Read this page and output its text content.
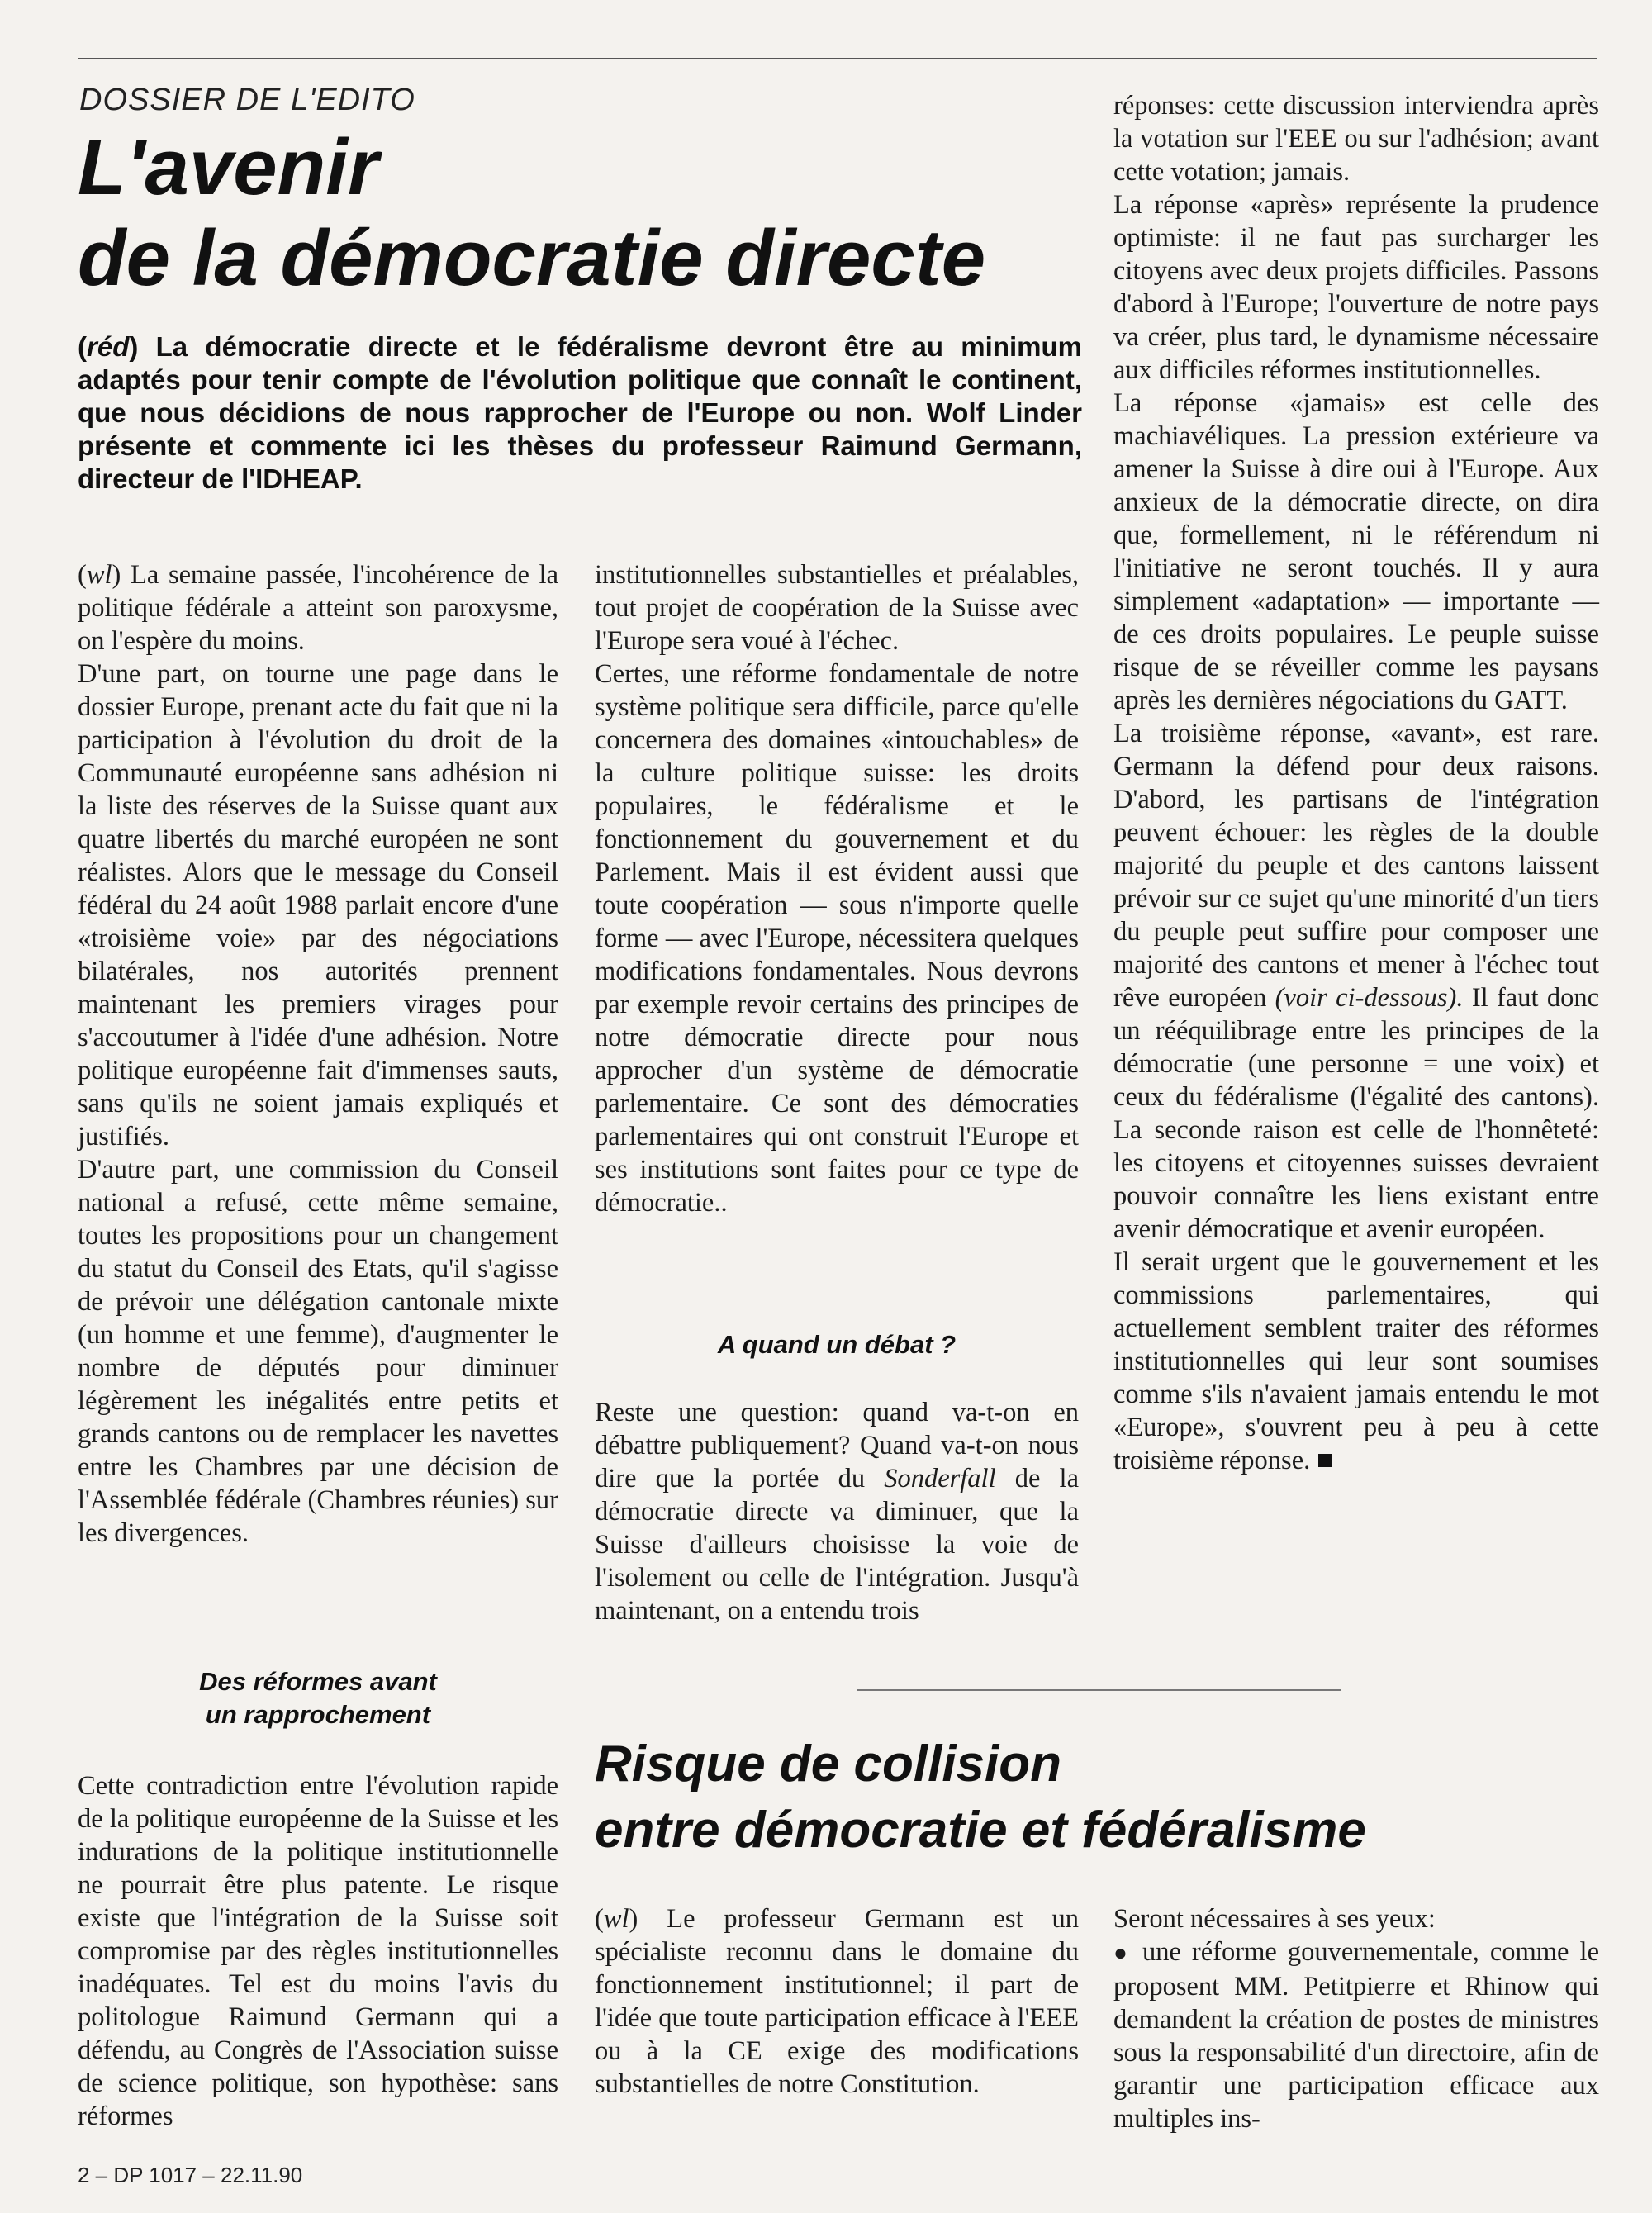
DOSSIER DE L'EDITO
L'avenir
de la démocratie directe
(réd) La démocratie directe et le fédéralisme devront être au minimum adaptés pour tenir compte de l'évolution politique que connaît le continent, que nous décidions de nous rapprocher de l'Europe ou non. Wolf Linder présente et commente ici les thèses du professeur Raimund Germann, directeur de l'IDHEAP.

(wl) La semaine passée, l'incohérence de la politique fédérale a atteint son paroxysme, on l'espère du moins.

D'une part, on tourne une page dans le dossier Europe, prenant acte du fait que ni la participation à l'évolution du droit de la Communauté européenne sans adhésion ni la liste des réserves de la Suisse quant aux quatre libertés du marché européen ne sont réalistes. Alors que le message du Conseil fédéral du 24 août 1988 parlait encore d'une «troisième voie» par des négociations bilatérales, nos autorités prennent maintenant les premiers virages pour s'accoutumer à l'idée d'une adhésion. Notre politique européenne fait d'immenses sauts, sans qu'ils ne soient jamais expliqués et justifiés.

D'autre part, une commission du Conseil national a refusé, cette même semaine, toutes les propositions pour un changement du statut du Conseil des Etats, qu'il s'agisse de prévoir une délégation cantonale mixte (un homme et une femme), d'augmenter le nombre de députés pour diminuer légèrement les inégalités entre petits et grands cantons ou de remplacer les navettes entre les Chambres par une décision de l'Assemblée fédérale (Chambres réunies) sur les divergences.

Des réformes avant
un rapprochement

Cette contradiction entre l'évolution rapide de la politique européenne de la Suisse et les indurations de la politique institutionnelle ne pourrait être plus patente. Le risque existe que l'intégration de la Suisse soit compromise par des règles institutionnelles inadéquates. Tel est du moins l'avis du politologue Raimund Germann qui a défendu, au Congrès de l'Association suisse de science politique, son hypothèse: sans réformes

institutionnelles substantielles et préalables, tout projet de coopération de la Suisse avec l'Europe sera voué à l'échec.

Certes, une réforme fondamentale de notre système politique sera difficile, parce qu'elle concernera des domaines «intouchables» de la culture politique suisse: les droits populaires, le fédéralisme et le fonctionnement du gouvernement et du Parlement. Mais il est évident aussi que toute coopération — sous n'importe quelle forme — avec l'Europe, nécessitera quelques modifications fondamentales. Nous devrons par exemple revoir certains des principes de notre démocratie directe pour nous approcher d'un système de démocratie parlementaire. Ce sont des démocraties parlementaires qui ont construit l'Europe et ses institutions sont faites pour ce type de démocratie..

A quand un débat ?

Reste une question: quand va-t-on en débattre publiquement? Quand va-t-on nous dire que la portée du Sonderfall de la démocratie directe va diminuer, que la Suisse d'ailleurs choisisse la voie de l'isolement ou celle de l'intégration. Jusqu'à maintenant, on a entendu trois

réponses: cette discussion interviendra après la votation sur l'EEE ou sur l'adhésion; avant cette votation; jamais.

La réponse «après» représente la prudence optimiste: il ne faut pas surcharger les citoyens avec deux projets difficiles. Passons d'abord à l'Europe; l'ouverture de notre pays va créer, plus tard, le dynamisme nécessaire aux difficiles réformes institutionnelles.

La réponse «jamais» est celle des machiavéliques. La pression extérieure va amener la Suisse à dire oui à l'Europe. Aux anxieux de la démocratie directe, on dira que, formellement, ni le référendum ni l'initiative ne seront touchés. Il y aura simplement «adaptation» — importante — de ces droits populaires. Le peuple suisse risque de se réveiller comme les paysans après les dernières négociations du GATT.

La troisième réponse, «avant», est rare. Germann la défend pour deux raisons. D'abord, les partisans de l'intégration peuvent échouer: les règles de la double majorité du peuple et des cantons laissent prévoir sur ce sujet qu'une minorité d'un tiers du peuple peut suffire pour composer une majorité des cantons et mener à l'échec tout rêve européen (voir ci-dessous). Il faut donc un rééquilibrage entre les principes de la démocratie (une personne = une voix) et ceux du fédéralisme (l'égalité des cantons). La seconde raison est celle de l'honnêteté: les citoyens et citoyennes suisses devraient pouvoir connaître les liens existant entre avenir démocratique et avenir européen.

Il serait urgent que le gouvernement et les commissions parlementaires, qui actuellement semblent traiter des réformes institutionnelles qui leur sont soumises comme s'ils n'avaient jamais entendu le mot «Europe», s'ouvrent peu à peu à cette troisième réponse.

Risque de collision
entre démocratie et fédéralisme

(wl) Le professeur Germann est un spécialiste reconnu dans le domaine du fonctionnement institutionnel; il part de l'idée que toute participation efficace à l'EEE ou à la CE exige des modifications substantielles de notre Constitution.

Seront nécessaires à ses yeux:

● une réforme gouvernementale, comme le proposent MM. Petitpierre et Rhinow qui demandent la création de postes de ministres sous la responsabilité d'un directoire, afin de garantir une participation efficace aux multiples ins-

2 – DP 1017 – 22.11.90
